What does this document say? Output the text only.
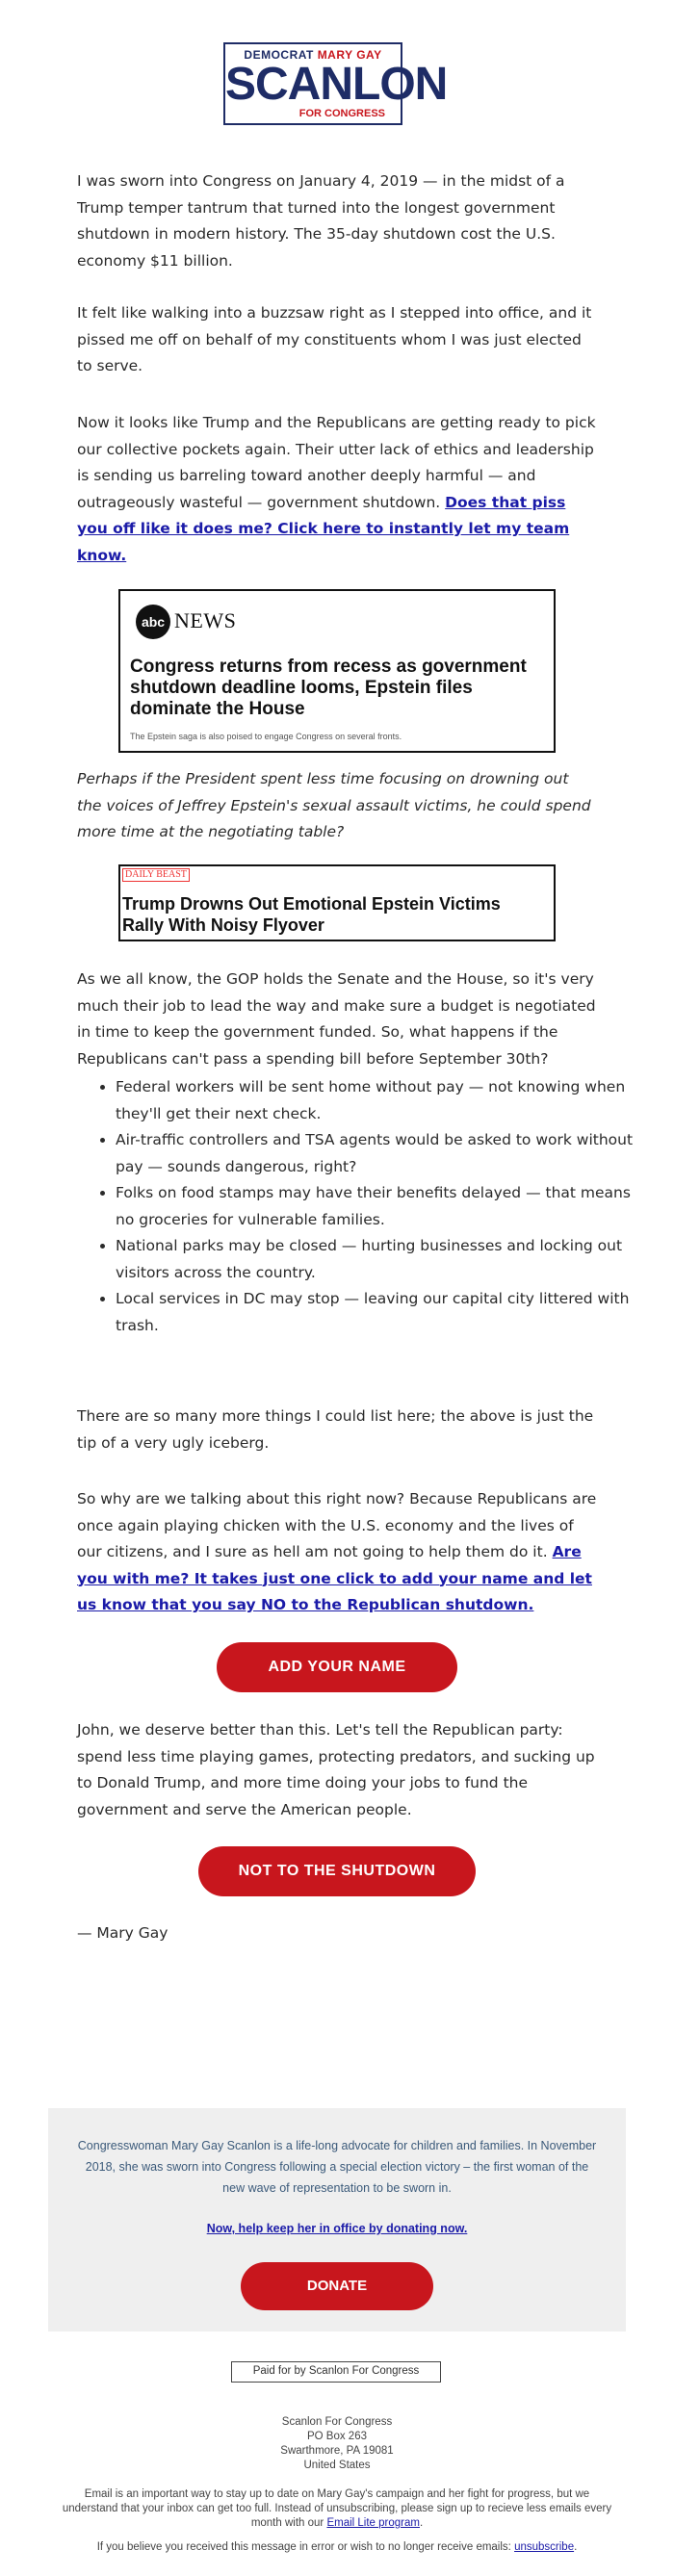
DEMOCRAT MARY GAY
SCANLON
FOR CONGRESS
I was sworn into Congress on January 4, 2019 — in the midst of a Trump temper tantrum that turned into the longest government shutdown in modern history. The 35-day shutdown cost the U.S. economy $11 billion.
It felt like walking into a buzzsaw right as I stepped into office, and it pissed me off on behalf of my constituents whom I was just elected to serve.
Now it looks like Trump and the Republicans are getting ready to pick our collective pockets again. Their utter lack of ethics and leadership is sending us barreling toward another deeply harmful — and outrageously wasteful — government shutdown. Does that piss you off like it does me? Click here to instantly let my team know.
abc NEWS
Congress returns from recess as government shutdown deadline looms, Epstein files dominate the House
The Epstein saga is also poised to engage Congress on several fronts.
Perhaps if the President spent less time focusing on drowning out the voices of Jeffrey Epstein's sexual assault victims, he could spend more time at the negotiating table?
DAILY BEAST
Trump Drowns Out Emotional Epstein Victims Rally With Noisy Flyover
As we all know, the GOP holds the Senate and the House, so it's very much their job to lead the way and make sure a budget is negotiated in time to keep the government funded. So, what happens if the Republicans can't pass a spending bill before September 30th?
• Federal workers will be sent home without pay — not knowing when they'll get their next check.
• Air-traffic controllers and TSA agents would be asked to work without pay — sounds dangerous, right?
• Folks on food stamps may have their benefits delayed — that means no groceries for vulnerable families.
• National parks may be closed — hurting businesses and locking out visitors across the country.
• Local services in DC may stop — leaving our capital city littered with trash.
There are so many more things I could list here; the above is just the tip of a very ugly iceberg.
So why are we talking about this right now? Because Republicans are once again playing chicken with the U.S. economy and the lives of our citizens, and I sure as hell am not going to help them do it. Are you with me? It takes just one click to add your name and let us know that you say NO to the Republican shutdown.
ADD YOUR NAME
John, we deserve better than this. Let's tell the Republican party: spend less time playing games, protecting predators, and sucking up to Donald Trump, and more time doing your jobs to fund the government and serve the American people.
NOT TO THE SHUTDOWN
— Mary Gay
Congresswoman Mary Gay Scanlon is a life-long advocate for children and families. In November 2018, she was sworn into Congress following a special election victory – the first woman of the new wave of representation to be sworn in.
Now, help keep her in office by donating now.
DONATE
Paid for by Scanlon For Congress
Scanlon For Congress
PO Box 263
Swarthmore, PA 19081
United States
Email is an important way to stay up to date on Mary Gay's campaign and her fight for progress, but we understand that your inbox can get too full. Instead of unsubscribing, please sign up to recieve less emails every month with our Email Lite program.
If you believe you received this message in error or wish to no longer receive emails: unsubscribe.
